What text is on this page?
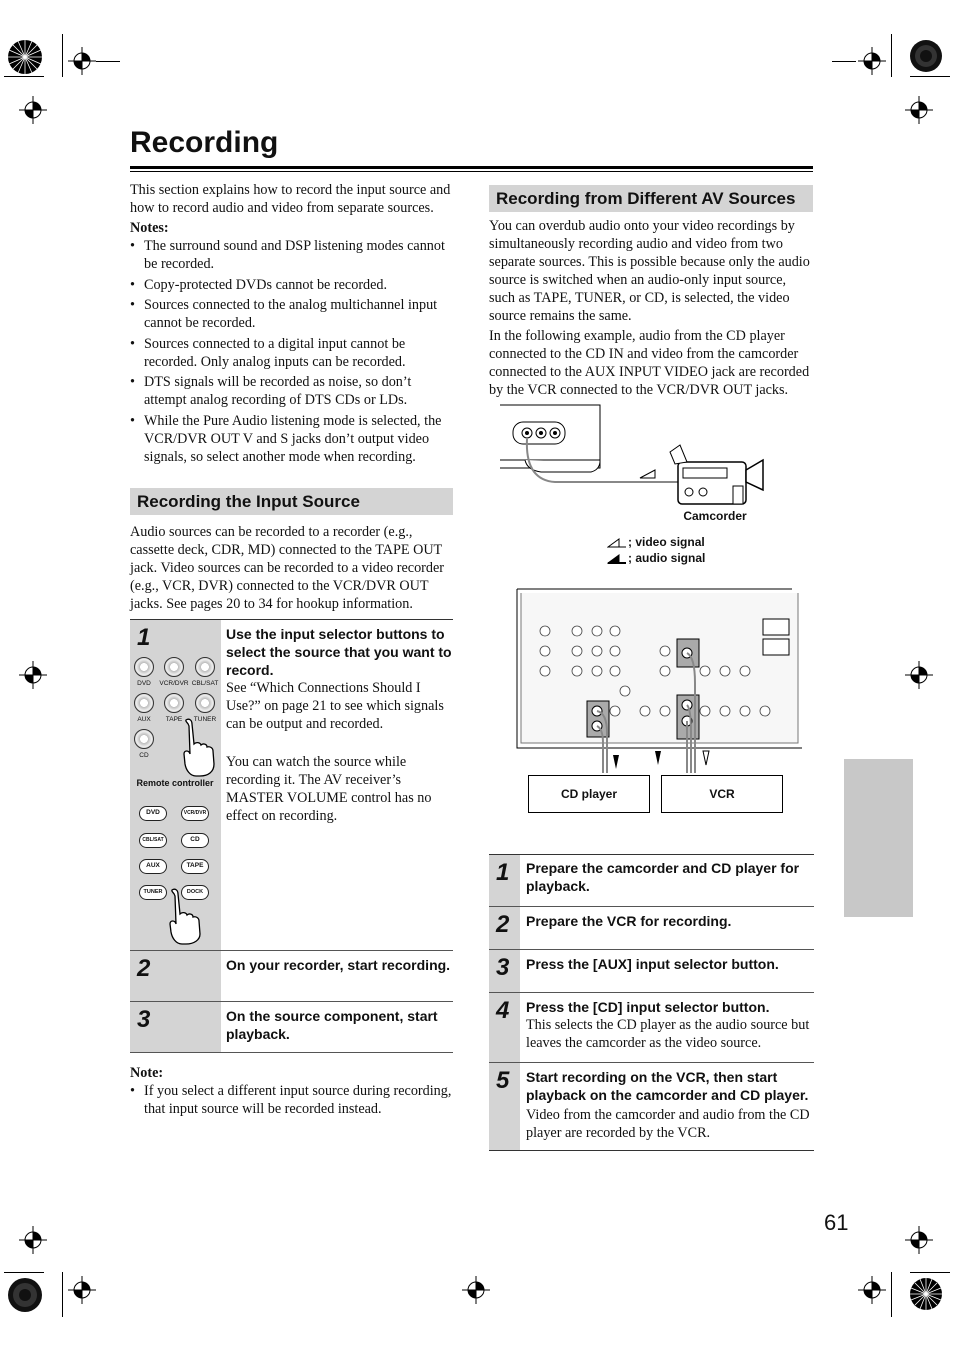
Recording

This section explains how to record the input source and how to record audio and video from separate sources.

Notes:

• The surround sound and DSP listening modes cannot be recorded.
• Copy-protected DVDs cannot be recorded.
• Sources connected to the analog multichannel input cannot be recorded.
• Sources connected to a digital input cannot be recorded. Only analog inputs can be recorded.
• DTS signals will be recorded as noise, so don’t attempt analog recording of DTS CDs or LDs.
• While the Pure Audio listening mode is selected, the VCR/DVR OUT V and S jacks don’t output video signals, so select another mode when recording.
Recording the Input Source

Audio sources can be recorded to a recorder (e.g., cassette deck, CDR, MD) connected to the TAPE OUT jack. Video sources can be recorded to a video recorder (e.g., VCR, DVR) connected to the VCR/DVR OUT jacks. See pages 20 to 34 for hookup information.

1	Use the input selector buttons to select the source that you want to record.

See “Which Connections Should I Use?” on page 21 to see which signals can be output and recorded.

You can watch the source while recording it. The AV receiver’s MASTER VOLUME control has no effect on recording.

DVD	VCR/DVR CBL/SAT
AUX	TAPE	TUNER
CD
Remote controller
DVD	VCR/DVR
CBL/SAT	CD
AUX	TAPE
TUNER	DOCK
2	On your recorder, start recording.

3	On the source component, start playback.

Note:

• If you select a different input source during recording, that input source will be recorded instead.
Recording from Different AV Sources

You can overdub audio onto your video recordings by simultaneously recording audio and video from two separate sources. This is possible because only the audio source is switched when an audio-only input source, such as TAPE, TUNER, or CD, is selected, the video source remains the same.

In the following example, audio from the CD player connected to the CD IN and video from the camcorder connected to the AUX INPUT VIDEO jack are recorded by the VCR connected to the VCR/DVR OUT jacks.

Camcorder
; video signal
; audio signal
CD player	VCR
1	Prepare the camcorder and CD player for playback.

2	Prepare the VCR for recording.

3	Press the [AUX] input selector button.

4	Press the [CD] input selector button.

This selects the CD player as the audio source but leaves the camcorder as the video source.

5	Start recording on the VCR, then start playback on the camcorder and CD player.

Video from the camcorder and audio from the CD player are recorded by the VCR.

61
